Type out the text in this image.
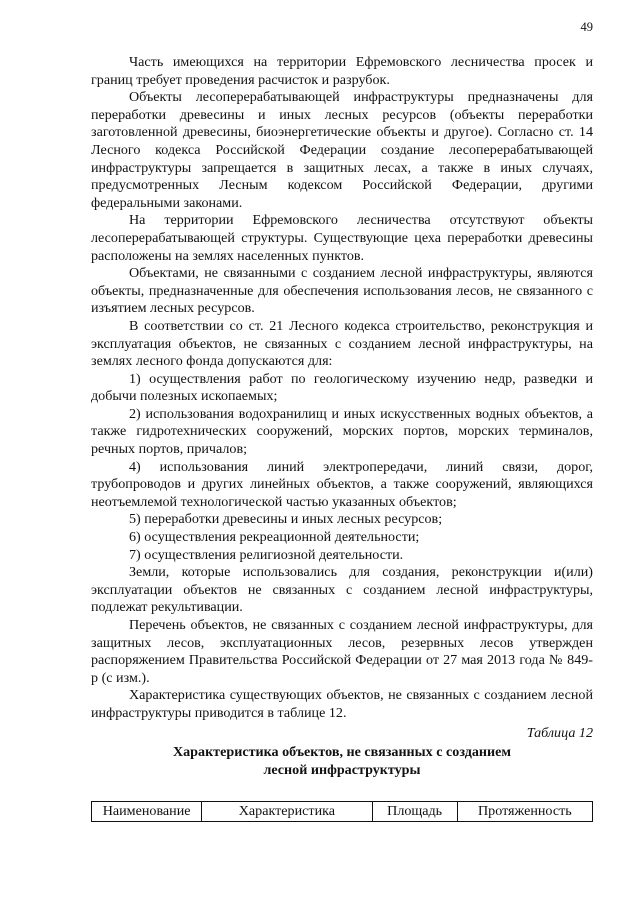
49

Часть имеющихся на территории Ефремовского лесничества просек и границ требует проведения расчисток и разрубок.

Объекты лесоперерабатывающей инфраструктуры предназначены для переработки древесины и иных лесных ресурсов (объекты переработки заготовленной древесины, биоэнергетические объекты и другое). Согласно ст. 14 Лесного кодекса Российской Федерации создание лесоперерабатывающей инфраструктуры запрещается в защитных лесах, а также в иных случаях, предусмотренных Лесным кодексом Российской Федерации, другими федеральными законами.

На территории Ефремовского лесничества отсутствуют объекты лесоперерабатывающей структуры. Существующие цеха переработки древесины расположены на землях населенных пунктов.

Объектами, не связанными с созданием лесной инфраструктуры, являются объекты, предназначенные для обеспечения использования лесов, не связанного с изъятием лесных ресурсов.

В соответствии со ст. 21 Лесного кодекса строительство, реконструкция и эксплуатация объектов, не связанных с созданием лесной инфраструктуры, на землях лесного фонда допускаются для:

1) осуществления работ по геологическому изучению недр, разведки и добычи полезных ископаемых;

2) использования водохранилищ и иных искусственных водных объектов, а также гидротехнических сооружений, морских портов, морских терминалов, речных портов, причалов;

4) использования линий электропередачи, линий связи, дорог, трубопроводов и других линейных объектов, а также сооружений, являющихся неотъемлемой технологической частью указанных объектов;

5) переработки древесины и иных лесных ресурсов;

6) осуществления рекреационной деятельности;

7) осуществления религиозной деятельности.

Земли, которые использовались для создания, реконструкции и(или) эксплуатации объектов не связанных с созданием лесной инфраструктуры, подлежат рекультивации.

Перечень объектов, не связанных с созданием лесной инфраструктуры, для защитных лесов, эксплуатационных лесов, резервных лесов утвержден распоряжением Правительства Российской Федерации от 27 мая 2013 года № 849-р (с изм.).

Характеристика существующих объектов, не связанных с созданием лесной инфраструктуры приводится в таблице 12.

Таблица 12

Характеристика объектов, не связанных с созданием
лесной инфраструктуры

Наименование	Характеристика	Площадь	Протяженность
